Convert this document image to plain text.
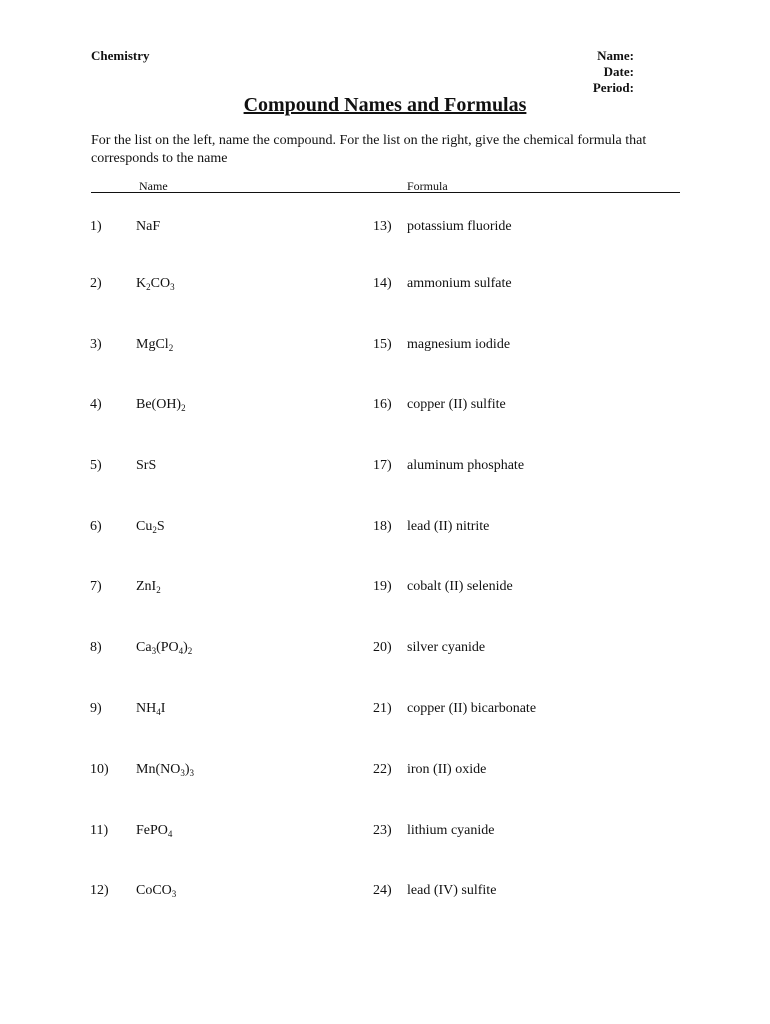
Chemistry	Name:
Date:
Period:
Compound Names and Formulas
For the list on the left, name the compound. For the list on the right, give the chemical formula that corresponds to the name
Name	Formula
1) NaF
2) $K_2CO_3$
3) MgCl$_2$
4) $Be(OH)_2$
5) SrS
6) $Cu_2S$
7) ZnI$_2$
8) $Ca_3(PO_4)_2$
9) $NH_4I$
10) $Mn(NO_3)_3$
11) FePO$_4$
12) CoCO$_3$
13) potassium fluoride
14) ammonium sulfate
15) magnesium iodide
16) copper (II) sulfite
17) aluminum phosphate
18) lead (II) nitrite
19) cobalt (II) selenide
20) silver cyanide
21) copper (II) bicarbonate
22) iron (II) oxide
23) lithium cyanide
24) lead (IV) sulfite
